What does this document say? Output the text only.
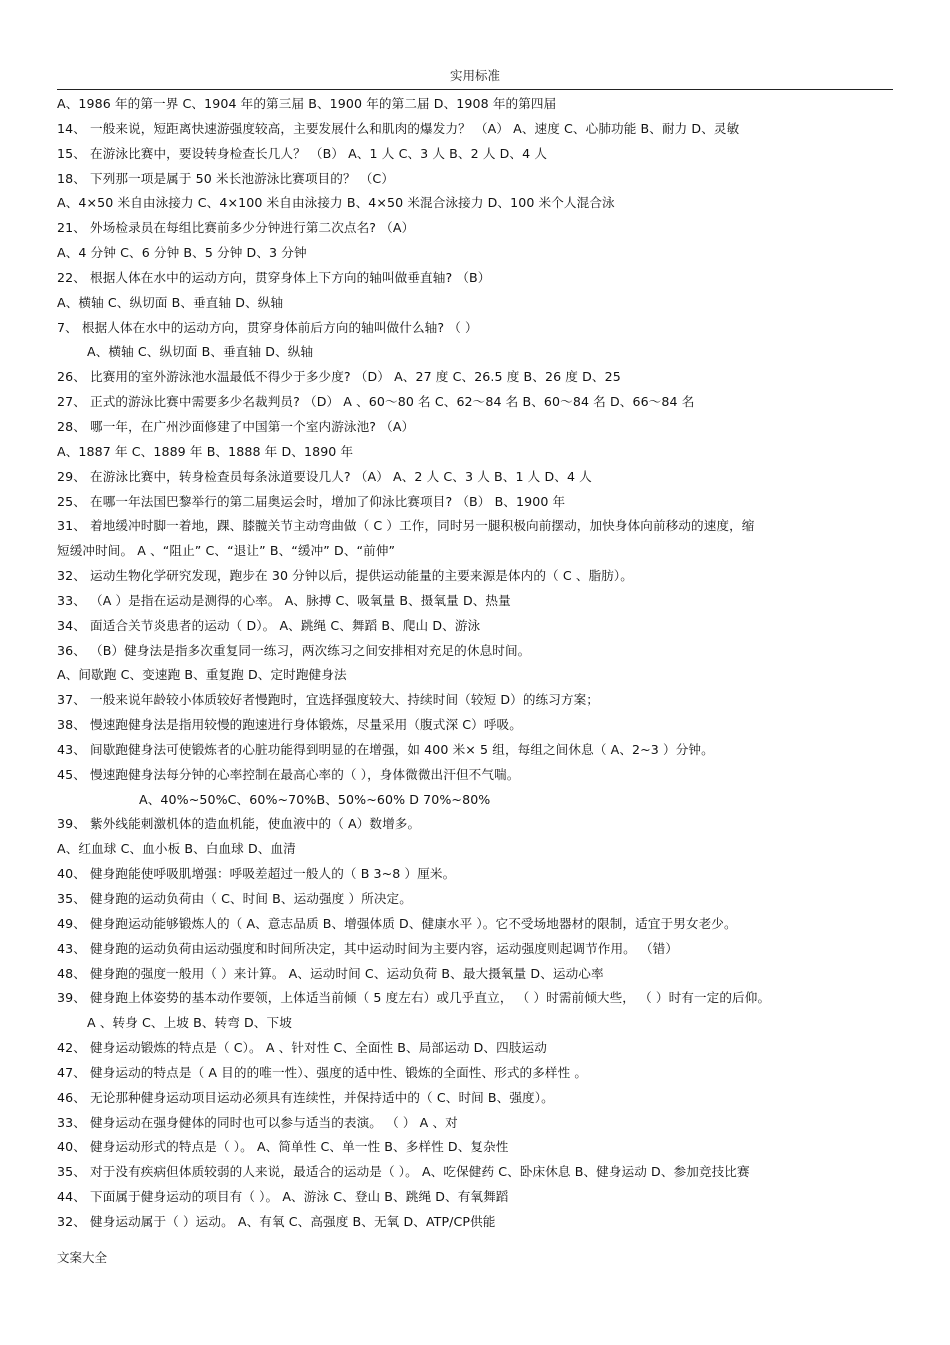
实用标准
A、1986 年的第一界 C、1904 年的第三届 B、1900 年的第二届 D、1908 年的第四届
14、 一般来说，短距离快速游强度较高，主要发展什么和肌肉的爆发力？ （A） A、速度 C、心肺功能 B、耐力 D、灵敏
15、 在游泳比赛中，要设转身检查长几人？ （B） A、1 人 C、3 人 B、2 人 D、4 人
18、 下列那一项是属于 50 米长池游泳比赛项目的？ （C）
A、4×50 米自由泳接力 C、4×100 米自由泳接力 B、4×50 米混合泳接力 D、100 米个人混合泳
21、 外场检录员在每组比赛前多少分钟进行第二次点名? （A）
A、4 分钟 C、6 分钟 B、5 分钟 D、3 分钟
22、 根据人体在水中的运动方向，贯穿身体上下方向的轴叫做垂直轴? （B）
A、横轴 C、纵切面 B、垂直轴 D、纵轴
7、 根据人体在水中的运动方向，贯穿身体前后方向的轴叫做什么轴? （ ）
A、横轴 C、纵切面 B、垂直轴 D、纵轴
26、 比赛用的室外游泳池水温最低不得少于多少度? （D） A、27 度 C、26.5 度 B、26 度 D、25
27、 正式的游泳比赛中需要多少名裁判员? （D） A 、60～80 名 C、62～84 名 B、60～84 名 D、66～84 名
28、 哪一年，在广州沙面修建了中国第一个室内游泳池? （A）
A、1887 年 C、1889 年 B、1888 年 D、1890 年
29、 在游泳比赛中，转身检查员每条泳道要设几人? （A） A、2 人 C、3 人 B、1 人 D、4 人
25、 在哪一年法国巴黎举行的第二届奥运会时，增加了仰泳比赛项目? （B） B、1900 年
31、 着地缓冲时脚一着地，踝、膝髋关节主动弯曲做（ C ）工作，同时另一腿积极向前摆动，加快身体向前移动的速度，缩
短缓冲时间。 A 、“阻止” C、“退让” B、“缓冲” D、“前伸”
32、 运动生物化学研究发现，跑步在 30 分钟以后，提供运动能量的主要来源是体内的（ C 、脂肪）。
33、 （A ）是指在运动是测得的心率。 A、脉搏 C、吸氧量 B、摄氧量 D、热量
34、 面适合关节炎患者的运动（ D）。 A、跳绳 C、舞蹈 B、爬山 D、游泳
36、 （B）健身法是指多次重复同一练习，两次练习之间安排相对充足的休息时间。
A、间歇跑 C、变速跑 B、重复跑 D、定时跑健身法
37、 一般来说年龄较小体质较好者慢跑时，宜选择强度较大、持续时间（较短 D）的练习方案；
38、 慢速跑健身法是指用较慢的跑速进行身体锻炼，尽量采用（腹式深 C）呼吸。
43、 间歇跑健身法可使锻炼者的心脏功能得到明显的在增强，如 400 米× 5 组，每组之间休息（ A、2~3 ）分钟。
45、 慢速跑健身法每分钟的心率控制在最高心率的（ ），身体微微出汗但不气喘。
A、40%~50%C、60%~70%B、50%~60% D 70%~80%
39、 紫外线能刺激机体的造血机能，使血液中的（ A）数增多。
A、红血球 C、血小板 B、白血球 D、血清
40、 健身跑能使呼吸肌增强：呼吸差超过一般人的（ B 3~8 ）厘米。
35、 健身跑的运动负荷由（ C、时间 B、运动强度 ）所决定。
49、 健身跑运动能够锻炼人的（ A、意志品质 B、增强体质 D、健康水平 ）。它不受场地器材的限制，适宜于男女老少。
43、 健身跑的运动负荷由运动强度和时间所决定，其中运动时间为主要内容，运动强度则起调节作用。 （错）
48、 健身跑的强度一般用（ ）来计算。 A、运动时间 C、运动负荷 B、最大摄氧量 D、运动心率
39、 健身跑上体姿势的基本动作要领，上体适当前倾（ 5 度左右）或几乎直立， （ ）时需前倾大些， （ ）时有一定的后仰。
A 、转身 C、上坡 B、转弯 D、下坡
42、 健身运动锻炼的特点是（ C）。 A 、针对性 C、全面性 B、局部运动 D、四肢运动
47、 健身运动的特点是（ A 目的的唯一性）、强度的适中性、锻炼的全面性、形式的多样性 。
46、 无论那种健身运动项目运动必须具有连续性，并保持适中的（ C、时间 B、强度）。
33、 健身运动在强身健体的同时也可以参与适当的表演。 （ ） A 、对
40、 健身运动形式的特点是（ ）。 A、简单性 C、单一性 B、多样性 D、复杂性
35、 对于没有疾病但体质较弱的人来说，最适合的运动是（ ）。 A、吃保健药 C、卧床休息 B、健身运动 D、参加竞技比赛
44、 下面属于健身运动的项目有（ ）。 A、游泳 C、登山 B、跳绳 D、有氧舞蹈
32、 健身运动属于（ ）运动。 A、有氧 C、高强度 B、无氧 D、ATP/CP供能
文案大全
